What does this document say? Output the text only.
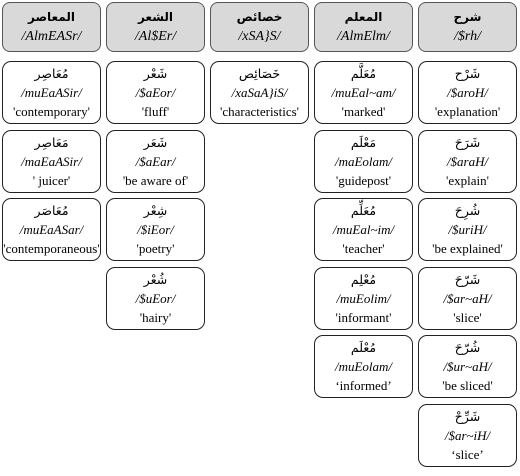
شرح
/$rh/
شَرْح
/$aroH/
'explanation'
شَرَحَ
/$araH/
'explain'
شُرِحَ
/$uriH/
'be explained'
شَرّحَ
/$ar~aH/
'slice'
شُرّحَ
/$ur~aH/
'be sliced'
شَرِّحْ
/$ar~iH/
‘slice’
المعلم
/AlmElm/
مُعَلَّم
/muEal~am/
'marked'
مَعْلَم
/maEolam/
'guidepost'
مُعَلِّم
/muEal~im/
'teacher'
مُعْلِم
/muEolim/
'informant'
مُعْلَم
/muEolam/
‘informed’
خصائص
/xSA}S/
خَصَائِص
/xaSaA}iS/
'characteristics'
الشعر
/Al$Er/
شَعْر
/$aEor/
'fluff'
شَعَر
/$aEar/
'be aware of'
شِعْر
/$iEor/
'poetry'
شُعْر
/$uEor/
'hairy'
المعاصر
/AlmEASr/
مُعَاصِر
/muEaASir/
'contemporary'
مَعَاصِر
/maEaASir/
' juicer'
مُعَاصَر
/muEaASar/
'contemporaneous'
